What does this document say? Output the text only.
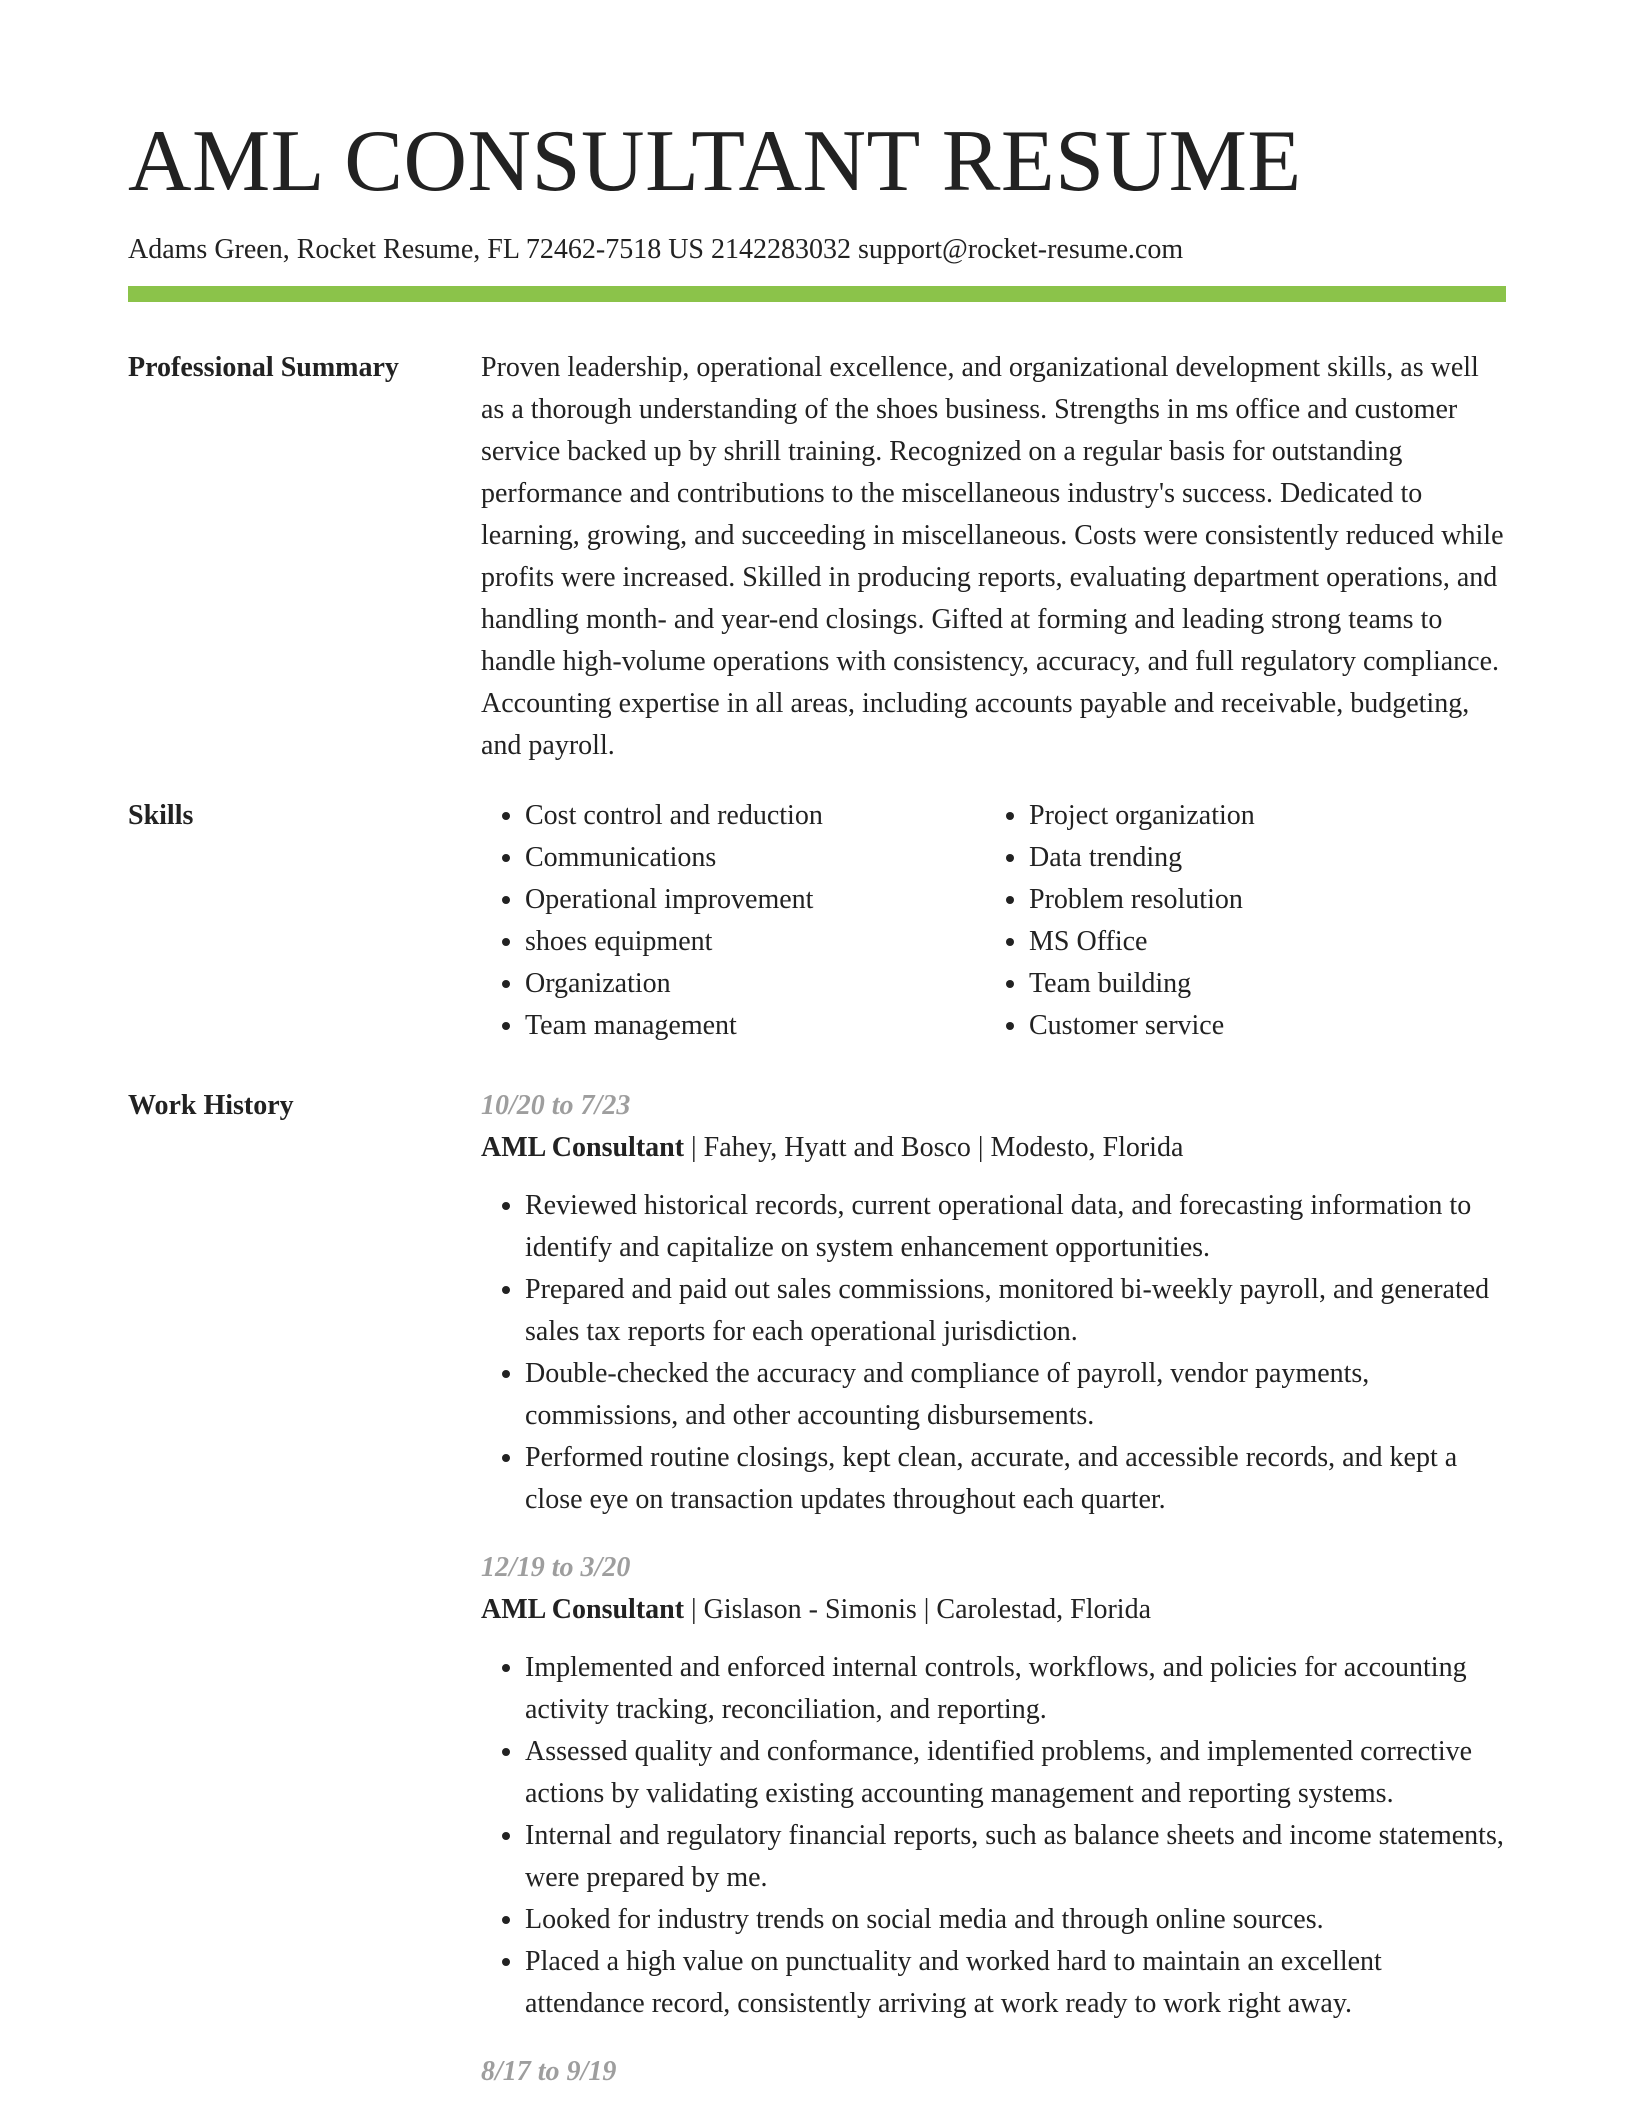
AML CONSULTANT RESUME
Adams Green, Rocket Resume, FL 72462-7518 US 2142283032 support@rocket-resume.com
Professional Summary	Proven leadership, operational excellence, and organizational development skills, as well as a thorough understanding of the shoes business. Strengths in ms office and customer service backed up by shrill training. Recognized on a regular basis for outstanding performance and contributions to the miscellaneous industry's success. Dedicated to learning, growing, and succeeding in miscellaneous. Costs were consistently reduced while profits were increased. Skilled in producing reports, evaluating department operations, and handling month- and year-end closings. Gifted at forming and leading strong teams to handle high-volume operations with consistency, accuracy, and full regulatory compliance. Accounting expertise in all areas, including accounts payable and receivable, budgeting, and payroll.

Skills
•	Cost control and reduction
• Communications
• Operational improvement
• shoes equipment
• Organization
• Team management
• Project organization
• Data trending
• Problem resolution
• MS Office
• Team building
• Customer service
Work History	10/20 to 7/23
AML Consultant | Fahey, Hyatt and Bosco | Modesto, Florida
• Reviewed historical records, current operational data, and forecasting information to identify and capitalize on system enhancement opportunities.
• Prepared and paid out sales commissions, monitored bi-weekly payroll, and generated sales tax reports for each operational jurisdiction.
• Double-checked the accuracy and compliance of payroll, vendor payments, commissions, and other accounting disbursements.
• Performed routine closings, kept clean, accurate, and accessible records, and kept a close eye on transaction updates throughout each quarter.
12/19 to 3/20
AML Consultant | Gislason - Simonis | Carolestad, Florida
• Implemented and enforced internal controls, workflows, and policies for accounting activity tracking, reconciliation, and reporting.
• Assessed quality and conformance, identified problems, and implemented corrective actions by validating existing accounting management and reporting systems.
• Internal and regulatory financial reports, such as balance sheets and income statements, were prepared by me.
• Looked for industry trends on social media and through online sources.
• Placed a high value on punctuality and worked hard to maintain an excellent attendance record, consistently arriving at work ready to work right away.
8/17 to 9/19
